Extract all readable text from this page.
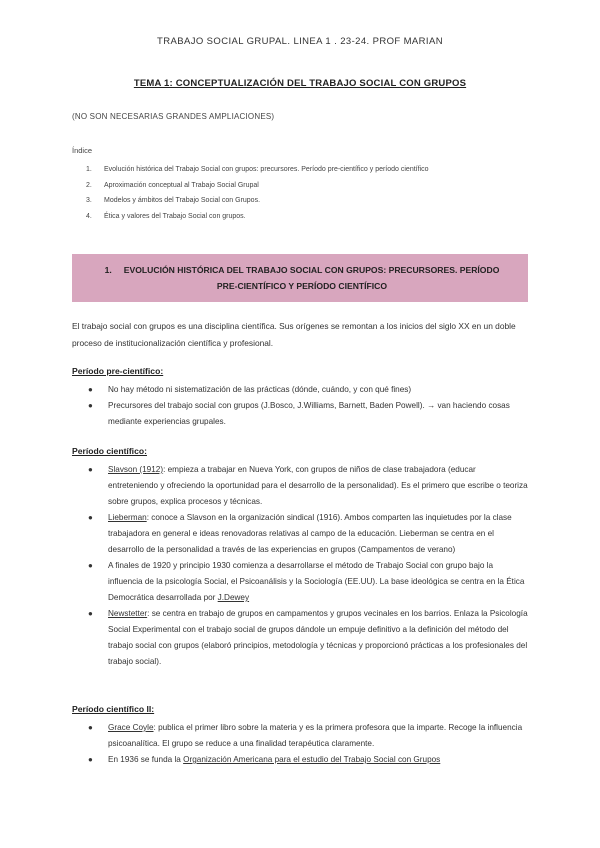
TRABAJO SOCIAL GRUPAL. LINEA 1 . 23-24. PROF MARIAN
TEMA 1: CONCEPTUALIZACIÓN DEL TRABAJO SOCIAL CON GRUPOS
(NO SON NECESARIAS GRANDES AMPLIACIONES)
Índice
1.	Evolución histórica del Trabajo Social con grupos: precursores. Período pre-científico y período científico
2.	Aproximación conceptual al Trabajo Social Grupal
3.	Modelos y ámbitos del Trabajo Social con Grupos.
4.	Ética y valores del Trabajo Social con grupos.
1. EVOLUCIÓN HISTÓRICA DEL TRABAJO SOCIAL CON GRUPOS: PRECURSORES. PERÍODO
PRE-CIENTÍFICO Y PERÍODO CIENTÍFICO
El trabajo social con grupos es una disciplina científica. Sus orígenes se remontan a los inicios del siglo XX en un doble proceso de institucionalización científica y profesional.
Período pre-científico:
● No hay método ni sistematización de las prácticas (dónde, cuándo, y con qué fines)
● Precursores del trabajo social con grupos (J.Bosco, J.Williams, Barnett, Baden Powell). → van haciendo cosas mediante experiencias grupales.
Período científico:
● Slavson (1912): empieza a trabajar en Nueva York, con grupos de niños de clase trabajadora (educar entreteniendo y ofreciendo la oportunidad para el desarrollo de la personalidad). Es el primero que escribe o teoriza sobre grupos, explica procesos y técnicas.
● Lieberman: conoce a Slavson en la organización sindical (1916). Ambos comparten las inquietudes por la clase trabajadora en general e ideas renovadoras relativas al campo de la educación. Lieberman se centra en el desarrollo de la personalidad a través de las experiencias en grupos (Campamentos de verano)
● A finales de 1920 y principio 1930 comienza a desarrollarse el método de Trabajo Social con grupo bajo la influencia de la psicología Social, el Psicoanálisis y la Sociología (EE.UU). La base ideológica se centra en la Ética Democrática desarrollada por J.Dewey
● Newstetter: se centra en trabajo de grupos en campamentos y grupos vecinales en los barrios. Enlaza la Psicología Social Experimental con el trabajo social de grupos dándole un empuje definitivo a la definición del método del trabajo social con grupos (elaboró principios, metodología y técnicas y proporcionó prácticas a los profesionales del trabajo social).
Período científico II:
● Grace Coyle: publica el primer libro sobre la materia y es la primera profesora que la imparte. Recoge la influencia psicoanalítica. El grupo se reduce a una finalidad terapéutica claramente.
● En 1936 se funda la Organización Americana para el estudio del Trabajo Social con Grupos
